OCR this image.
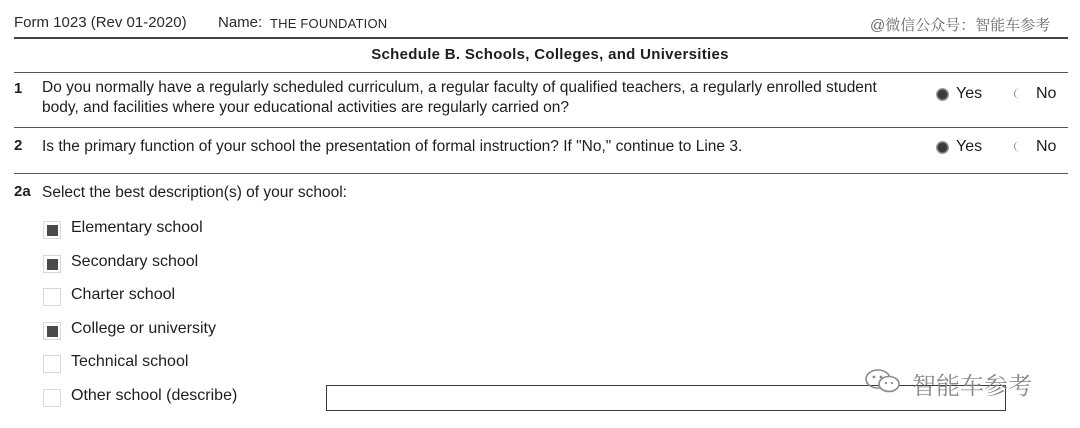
Form 1023 (Rev 01-2020) Name: THE FOUNDATION	@微信公众号：智能车参考
Schedule B. Schools, Colleges, and Universities
1 Do you normally have a regularly scheduled curriculum, a regular faculty of qualified teachers, a regularly enrolled student body, and facilities where your educational activities are regularly carried on?
Yes	No
2 Is the primary function of your school the presentation of formal instruction? If "No," continue to Line 3.	Yes	No
2a Select the best description(s) of your school:
Elementary school
Secondary school
Charter school
College or university
Technical school
Other school (describe)	智能车参考
